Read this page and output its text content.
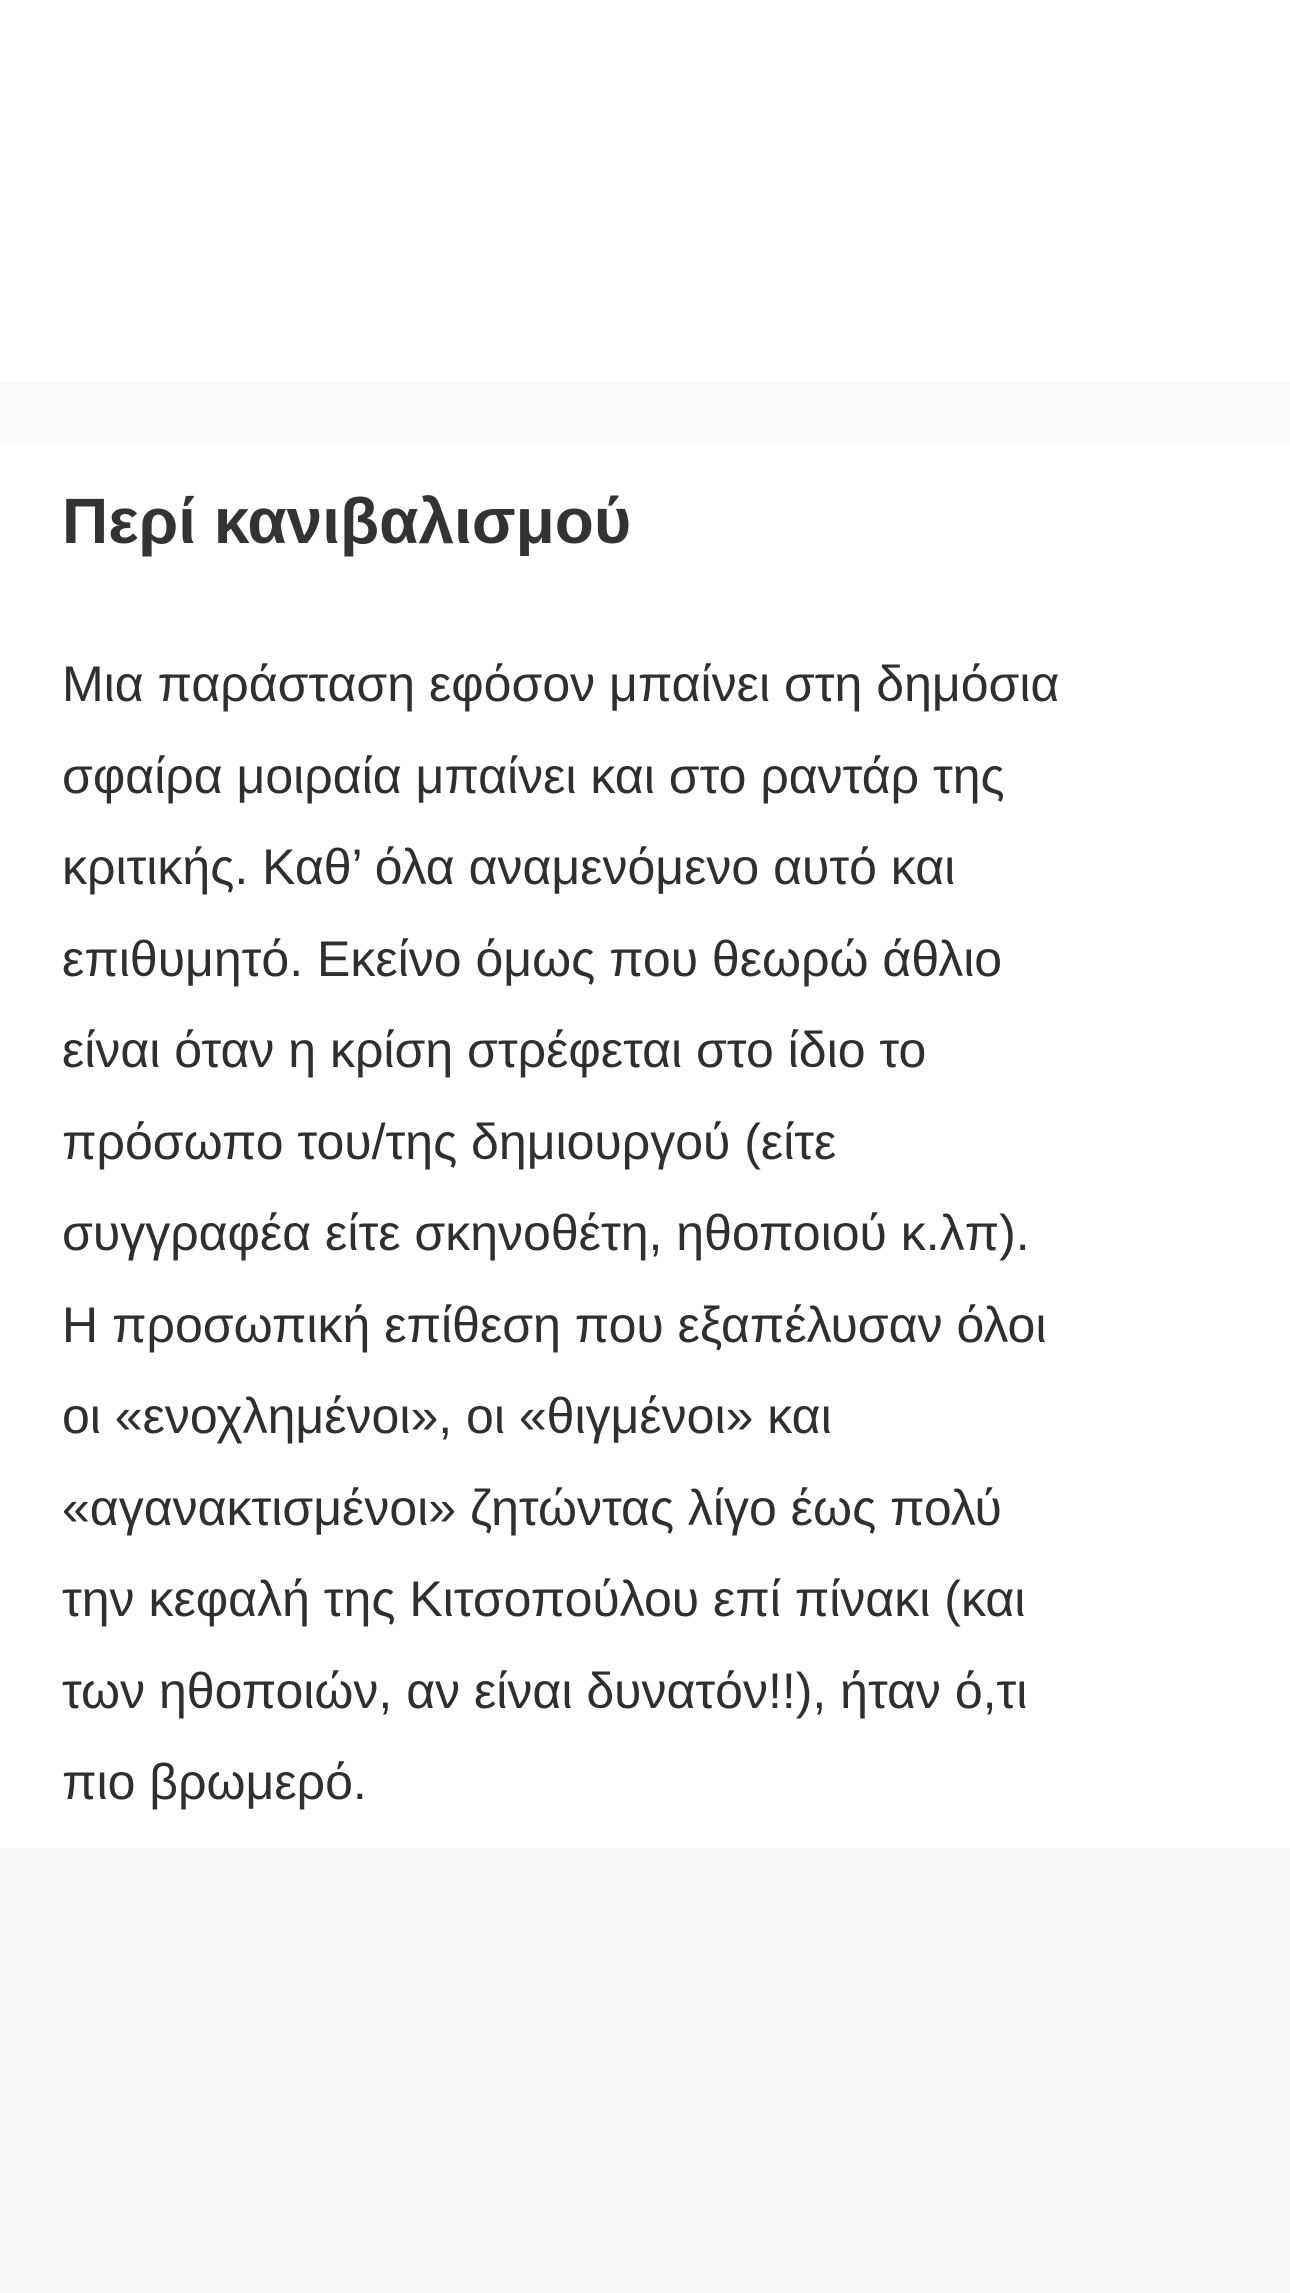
Περί κανιβαλισμού
Μια παράσταση εφόσον μπαίνει στη δημόσια
σφαίρα μοιραία μπαίνει και στο ραντάρ της
κριτικής. Καθ’ όλα αναμενόμενο αυτό και
επιθυμητό. Εκείνο όμως που θεωρώ άθλιο
είναι όταν η κρίση στρέφεται στο ίδιο το
πρόσωπο του/της δημιουργού (είτε
συγγραφέα είτε σκηνοθέτη, ηθοποιού κ.λπ).
Η προσωπική επίθεση που εξαπέλυσαν όλοι
οι «ενοχλημένοι», οι «θιγμένοι» και
«αγανακτισμένοι» ζητώντας λίγο έως πολύ
την κεφαλή της Κιτσοπούλου επί πίνακι (και
των ηθοποιών, αν είναι δυνατόν!!), ήταν ό,τι
πιο βρωμερό.
